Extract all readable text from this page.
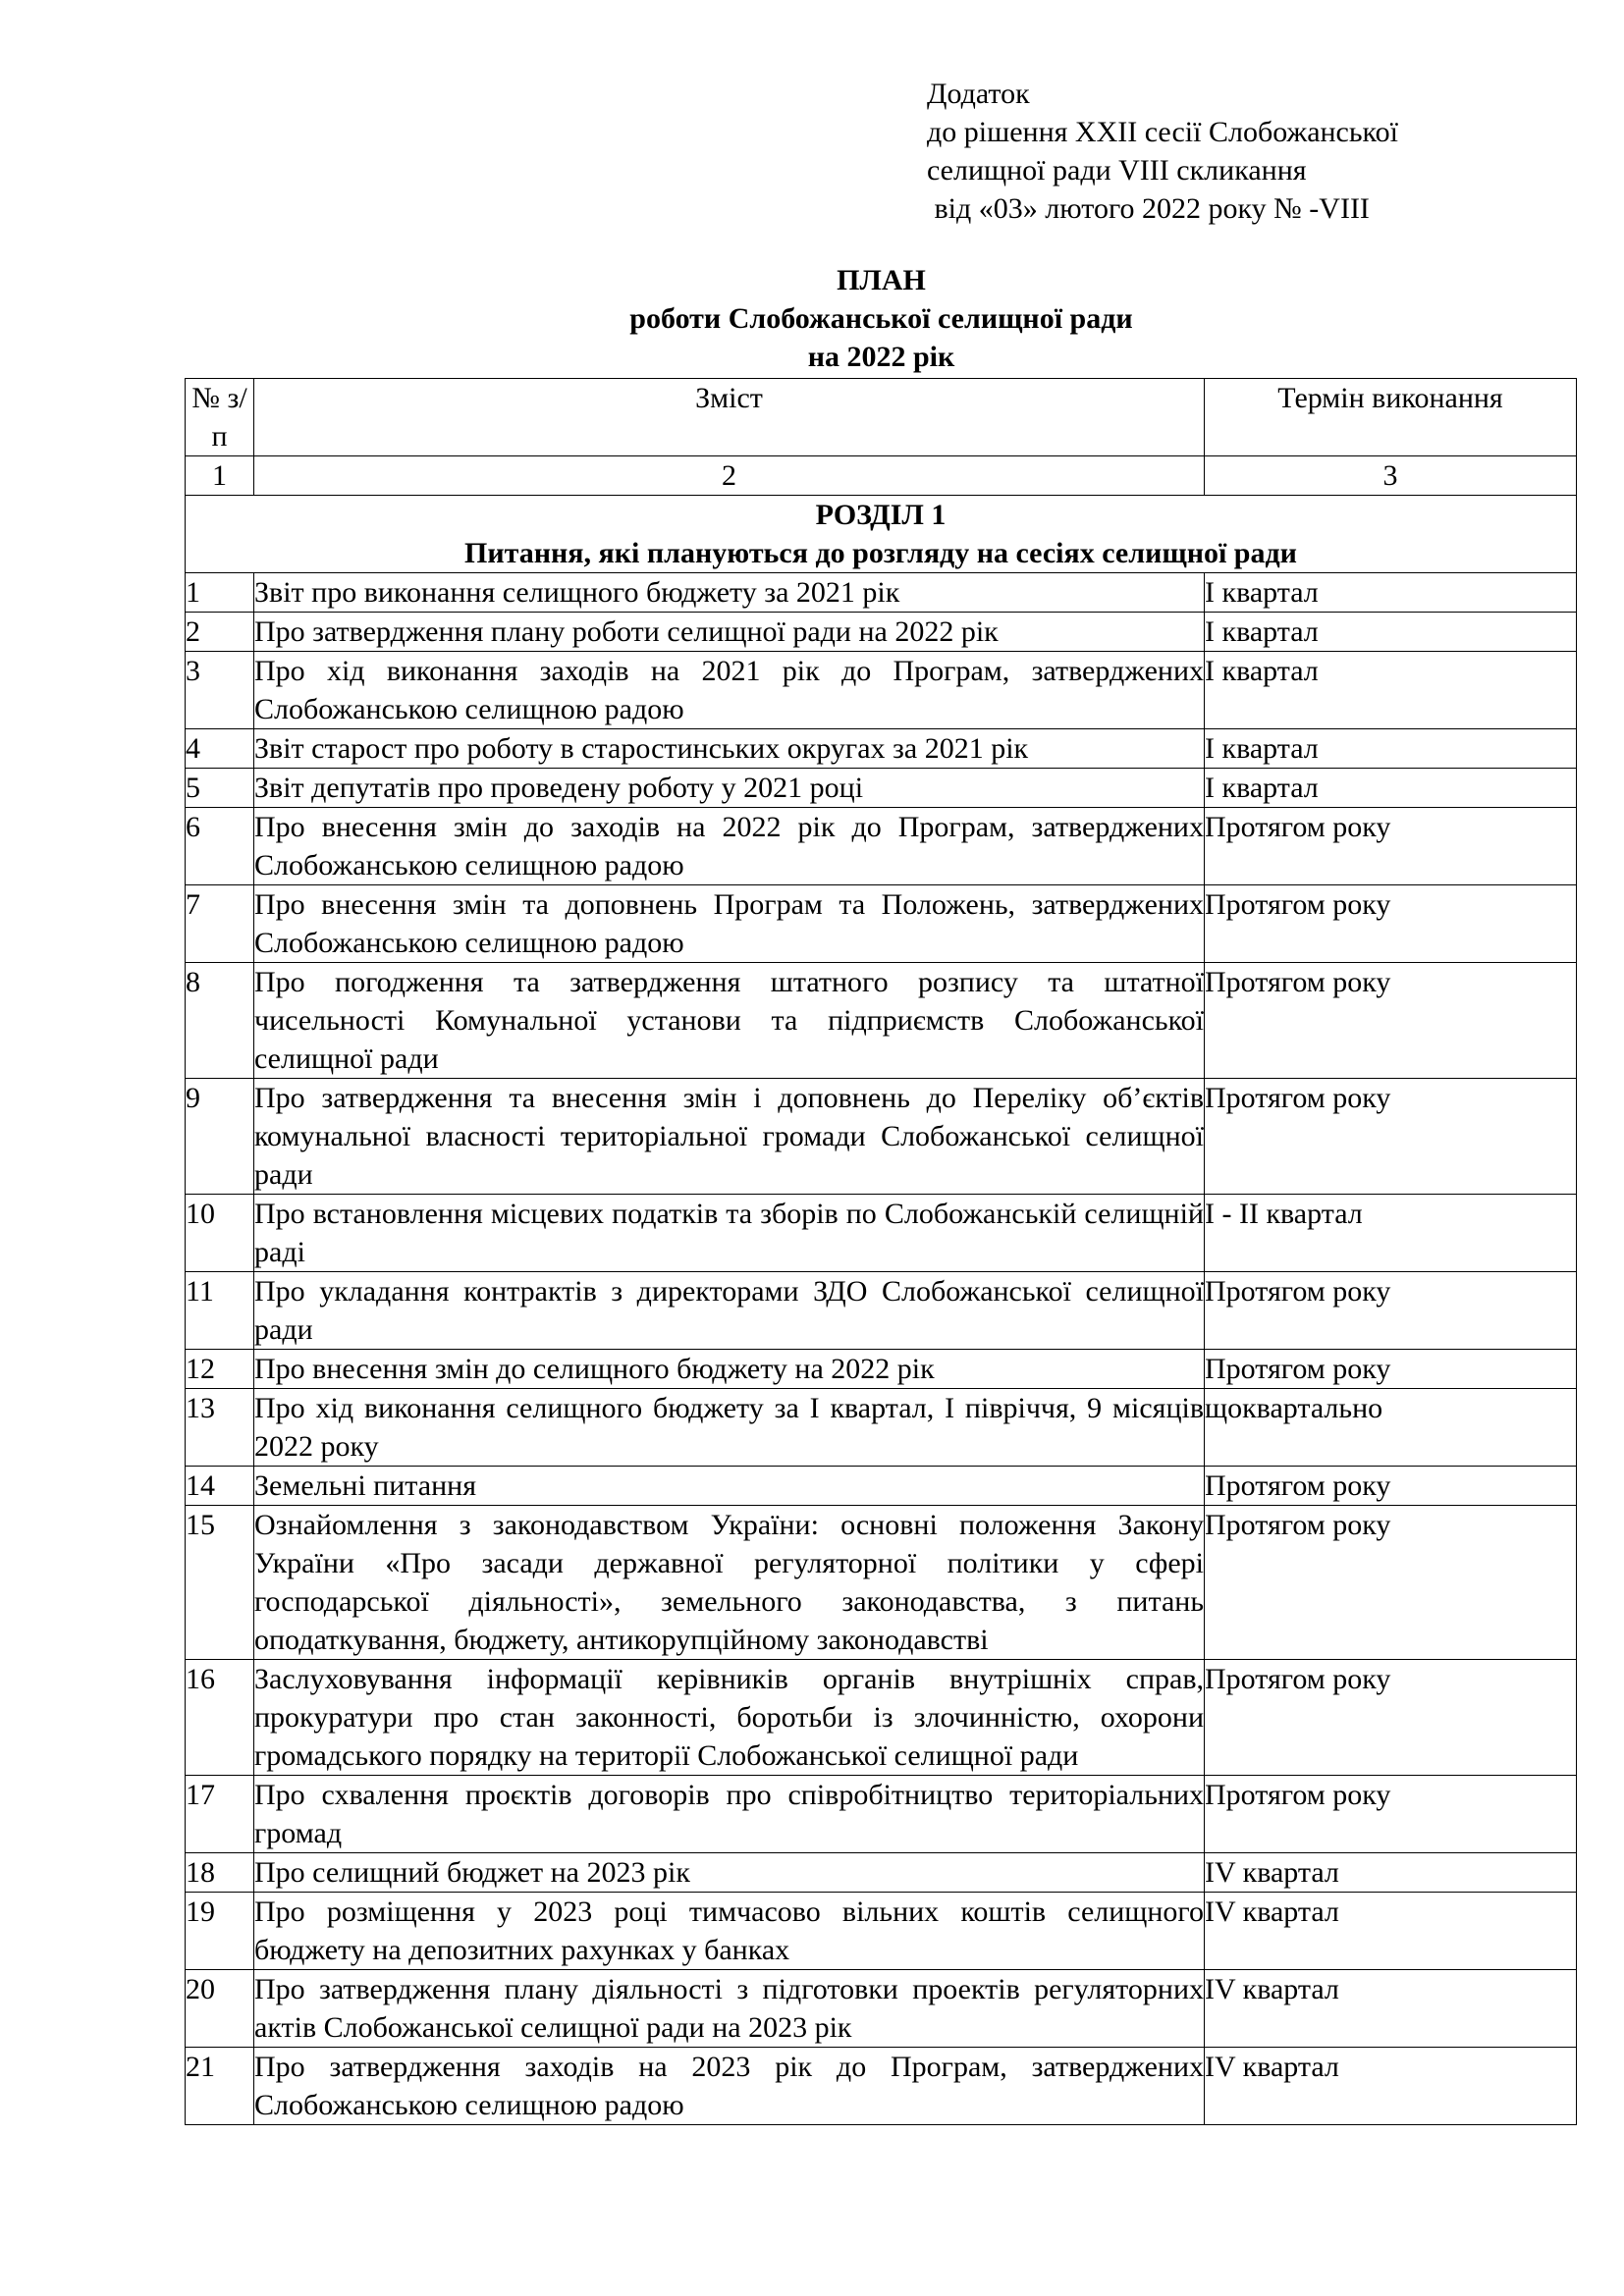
Додаток
до рішення XXII сесії Слобожанської
селищної ради VIII скликання
від «03» лютого 2022 року № -VIII
ПЛАН
роботи Слобожанської селищної ради
на 2022 рік
№ з/п	Зміст	Термін виконання
1	2	3

РОЗДІЛ 1
Питання, які плануються до розгляду на сесіях селищної ради		

1	Звіт про виконання селищного бюджету за 2021 рік	І квартал
2	Про затвердження плану роботи селищної ради на 2022 рік	І квартал
3	Про хід виконання заходів на 2021 рік до Програм, затверджених Слобожанською селищною радою	І квартал
4	Звіт старост про роботу в старостинських округах за 2021 рік	І квартал
5	Звіт депутатів про проведену роботу у 2021 році	І квартал
6	Про внесення змін до заходів на 2022 рік до Програм, затверджених Слобожанською селищною радою	Протягом року
7	Про внесення змін та доповнень Програм та Положень, затверджених Слобожанською селищною радою	Протягом року
8	Про погодження та затвердження штатного розпису та штатної чисельності Комунальної установи та підприємств Слобожанської селищної ради	Протягом року
9	Про затвердження та внесення змін і доповнень до Переліку об’єктів комунальної власності територіальної громади Слобожанської селищної ради	Протягом року
10	Про встановлення місцевих податків та зборів по Слобожанській селищній раді	І - ІІ квартал
11	Про укладання контрактів з директорами ЗДО Слобожанської селищної ради	Протягом року
12	Про внесення змін до селищного бюджету на 2022 рік	Протягом року
13	Про хід виконання селищного бюджету за І квартал, І півріччя, 9 місяців 2022 року	щоквартально
14	Земельні питання	Протягом року
15	Ознайомлення з законодавством України: основні положення Закону України «Про засади державної регуляторної політики у сфері господарської діяльності», земельного законодавства, з питань оподаткування, бюджету, антикорупційному законодавстві	Протягом року
16	Заслуховування інформації керівників органів внутрішніх справ, прокуратури про стан законності, боротьби із злочинністю, охорони громадського порядку на території Слобожанської селищної ради	Протягом року
17	Про схвалення проєктів договорів про співробітництво територіальних громад	Протягом року
18	Про селищний бюджет на 2023 рік	IV квартал
19	Про розміщення у 2023 році тимчасово вільних коштів селищного бюджету на депозитних рахунках у банках	IV квартал
20	Про затвердження плану діяльності з підготовки проектів регуляторних актів Слобожанської селищної ради на 2023 рік	IV квартал
21	Про затвердження заходів на 2023 рік до Програм, затверджених Слобожанською селищною радою	IV квартал
